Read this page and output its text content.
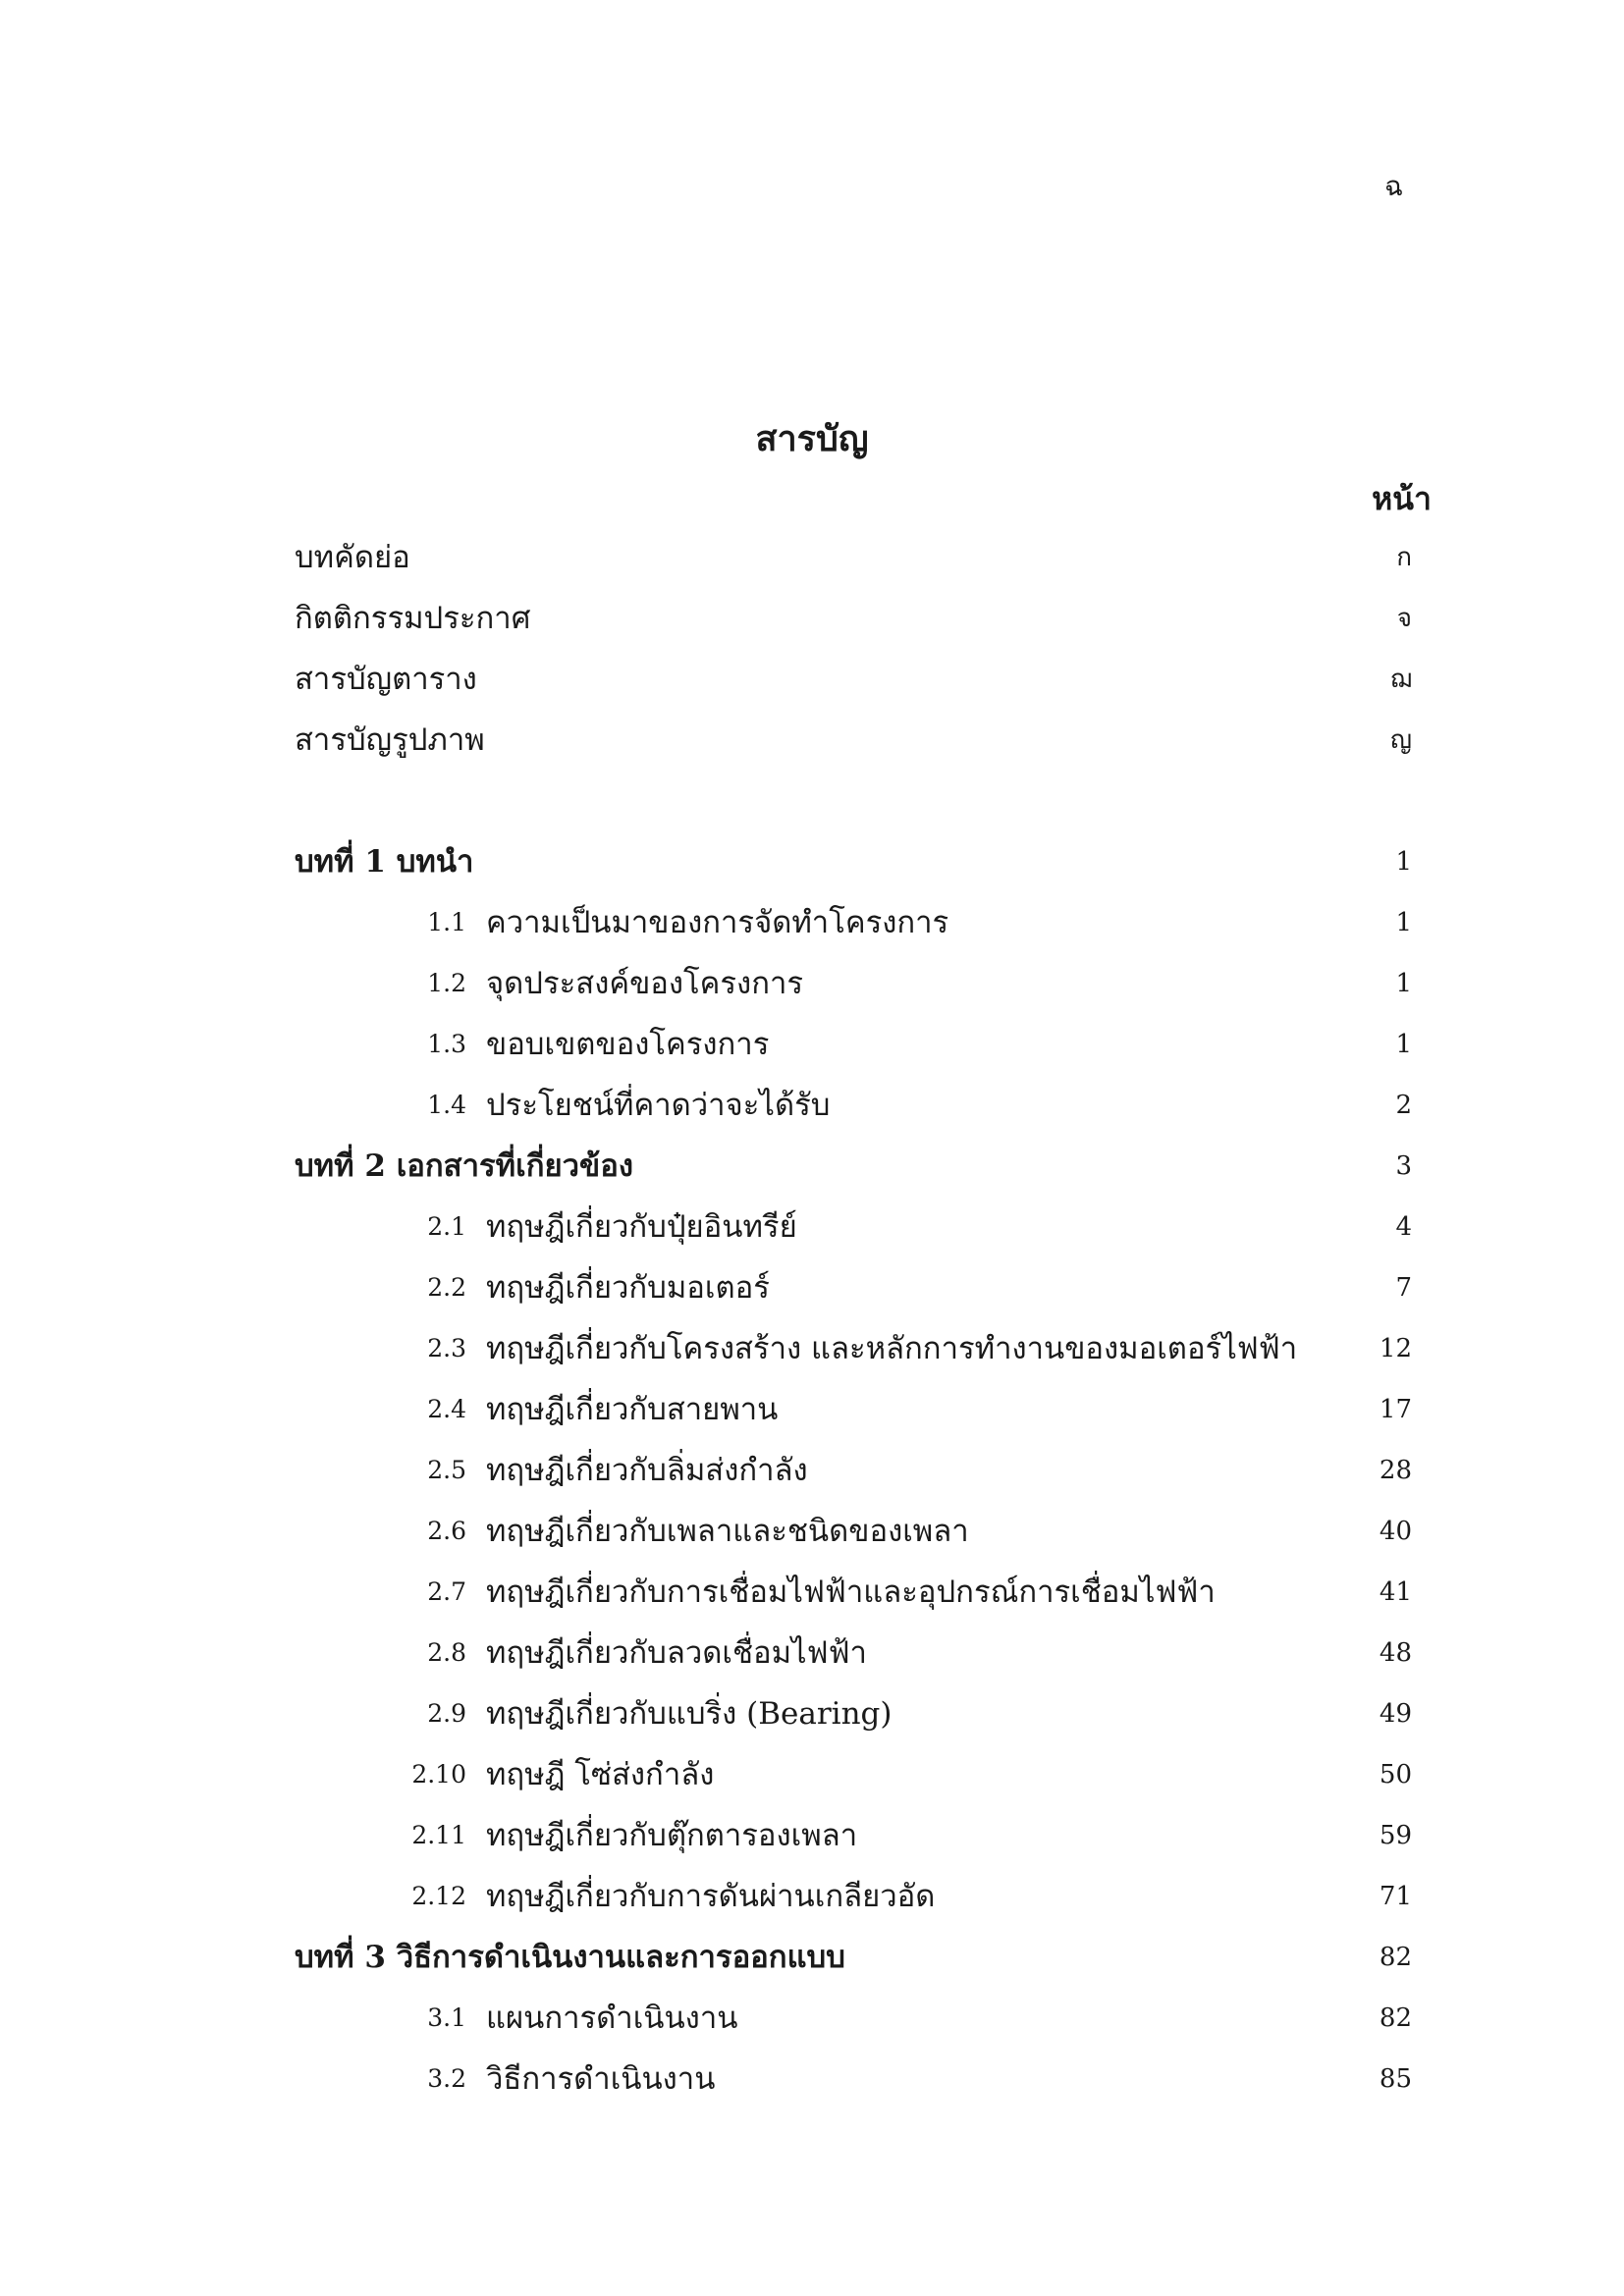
ฉ
สารบัญ
หน้า
บทคัดย่อ	ก
กิตติกรรมประกาศ	จ
สารบัญตาราง	ฌ
สารบัญรูปภาพ	ญ
บทที่ 1 บทนำ	1
1.1 ความเป็นมาของการจัดทำโครงการ	1
1.2 จุดประสงค์ของโครงการ	1
1.3 ขอบเขตของโครงการ	1
1.4 ประโยชน์ที่คาดว่าจะได้รับ	2
บทที่ 2 เอกสารที่เกี่ยวข้อง	3
2.1 ทฤษฎีเกี่ยวกับปุ๋ยอินทรีย์	4
2.2 ทฤษฎีเกี่ยวกับมอเตอร์	7
2.3 ทฤษฎีเกี่ยวกับโครงสร้าง และหลักการทำงานของมอเตอร์ไฟฟ้า	12
2.4 ทฤษฎีเกี่ยวกับสายพาน	17
2.5 ทฤษฎีเกี่ยวกับลิ่มส่งกำลัง	28
2.6 ทฤษฎีเกี่ยวกับเพลาและชนิดของเพลา	40
2.7 ทฤษฎีเกี่ยวกับการเชื่อมไฟฟ้าและอุปกรณ์การเชื่อมไฟฟ้า	41
2.8 ทฤษฎีเกี่ยวกับลวดเชื่อมไฟฟ้า	48
2.9 ทฤษฎีเกี่ยวกับแบริ่ง (Bearing)	49
2.10 ทฤษฎี โซ่ส่งกำลัง	50
2.11 ทฤษฎีเกี่ยวกับตุ๊กตารองเพลา	59
2.12 ทฤษฎีเกี่ยวกับการดันผ่านเกลียวอัด	71
บทที่ 3 วิธีการดำเนินงานและการออกแบบ	82
3.1 แผนการดำเนินงาน	82
3.2 วิธีการดำเนินงาน	85
